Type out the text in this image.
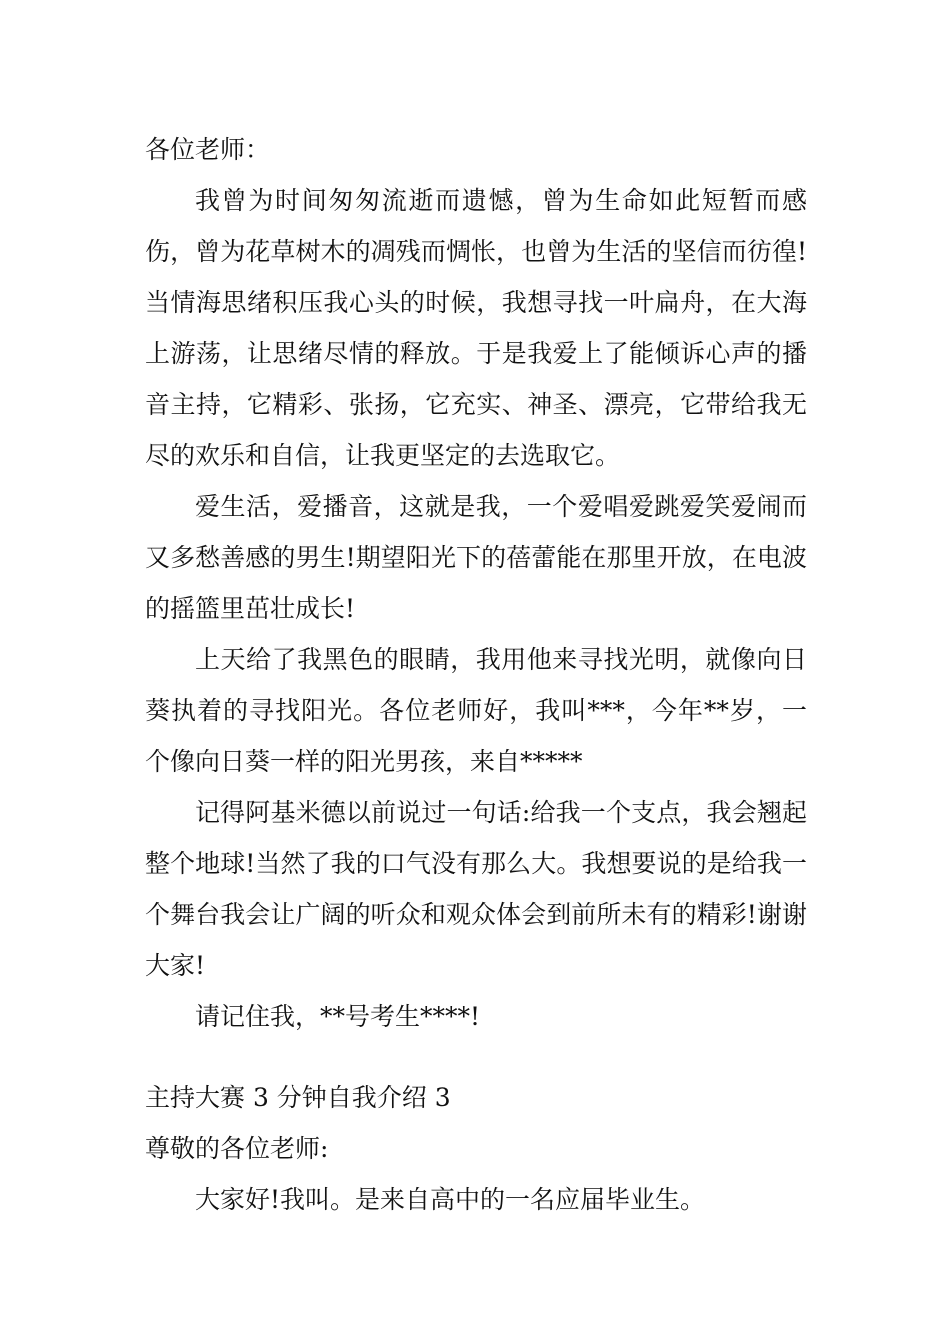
各位老师：

我曾为时间匆匆流逝而遗憾，曾为生命如此短暂而感伤，曾为花草树木的凋残而惆怅，也曾为生活的坚信而彷徨!当情海思绪积压我心头的时候，我想寻找一叶扁舟，在大海上游荡，让思绪尽情的释放。于是我爱上了能倾诉心声的播音主持，它精彩、张扬，它充实、神圣、漂亮，它带给我无尽的欢乐和自信，让我更坚定的去选取它。

爱生活，爱播音，这就是我，一个爱唱爱跳爱笑爱闹而又多愁善感的男生!期望阳光下的蓓蕾能在那里开放，在电波的摇篮里茁壮成长!

上天给了我黑色的眼睛，我用他来寻找光明，就像向日葵执着的寻找阳光。各位老师好，我叫***，今年**岁，一个像向日葵一样的阳光男孩，来自*****

记得阿基米德以前说过一句话:给我一个支点，我会翘起整个地球!当然了我的口气没有那么大。我想要说的是给我一个舞台我会让广阔的听众和观众体会到前所未有的精彩!谢谢大家!

请记住我，**号考生****!

主持大赛 3 分钟自我介绍 3

尊敬的各位老师:

大家好!我叫。是来自高中的一名应届毕业生。
